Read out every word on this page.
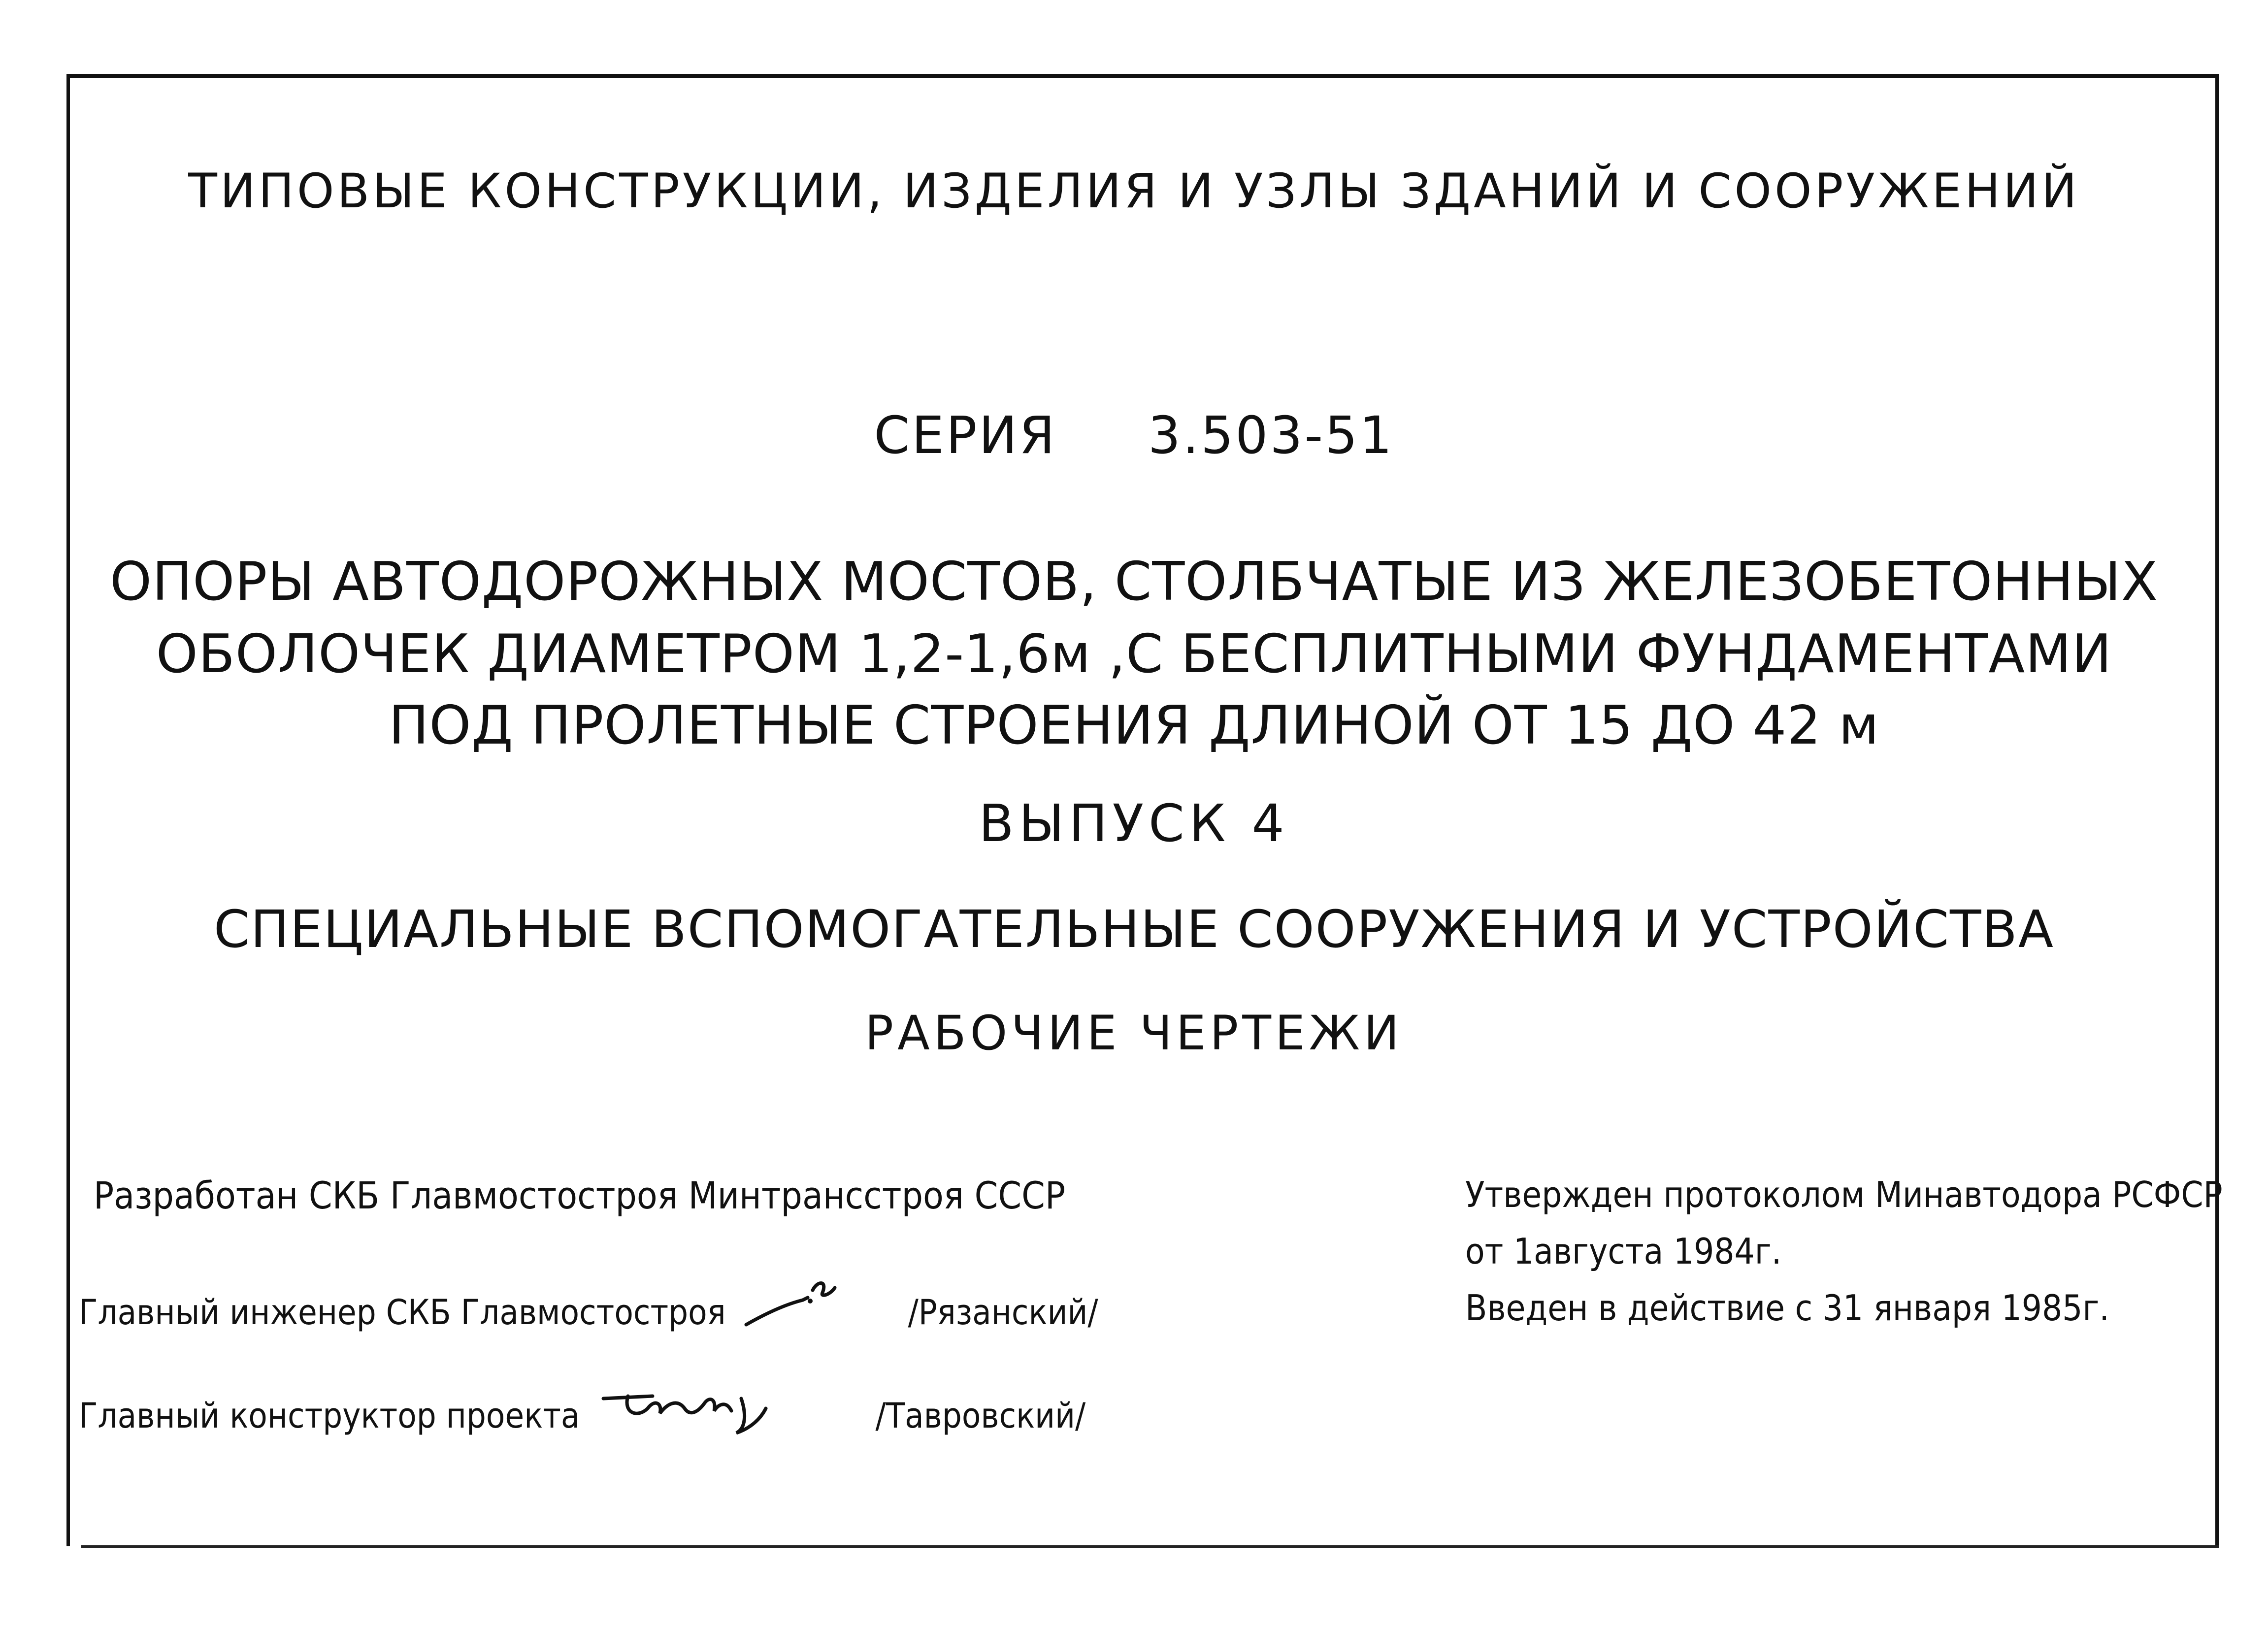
ТИПОВЫЕ КОНСТРУКЦИИ, ИЗДЕЛИЯ И УЗЛЫ ЗДАНИЙ И СООРУЖЕНИЙ
СЕРИЯ 3.503-51
ОПОРЫ АВТОДОРОЖНЫХ МОСТОВ, СТОЛБЧАТЫЕ ИЗ ЖЕЛЕЗОБЕТОННЫХ
ОБОЛОЧЕК ДИАМЕТРОМ 1,2-1,6м ,С БЕСПЛИТНЫМИ ФУНДАМЕНТАМИ
ПОД ПРОЛЕТНЫЕ СТРОЕНИЯ ДЛИНОЙ ОТ 15 ДО 42 м
ВЫПУСК 4
СПЕЦИАЛЬНЫЕ ВСПОМОГАТЕЛЬНЫЕ СООРУЖЕНИЯ И УСТРОЙСТВА
РАБОЧИЕ ЧЕРТЕЖИ
Разработан СКБ Главмостостроя Минтрансстроя СССР
Главный инженер СКБ Главмостостроя	/Рязанский/
Главный конструктор проекта	/Тавровский/
Утвержден протоколом Минавтодора РСФСР
от 1августа 1984г.
Введен в действие с 31 января 1985г.
